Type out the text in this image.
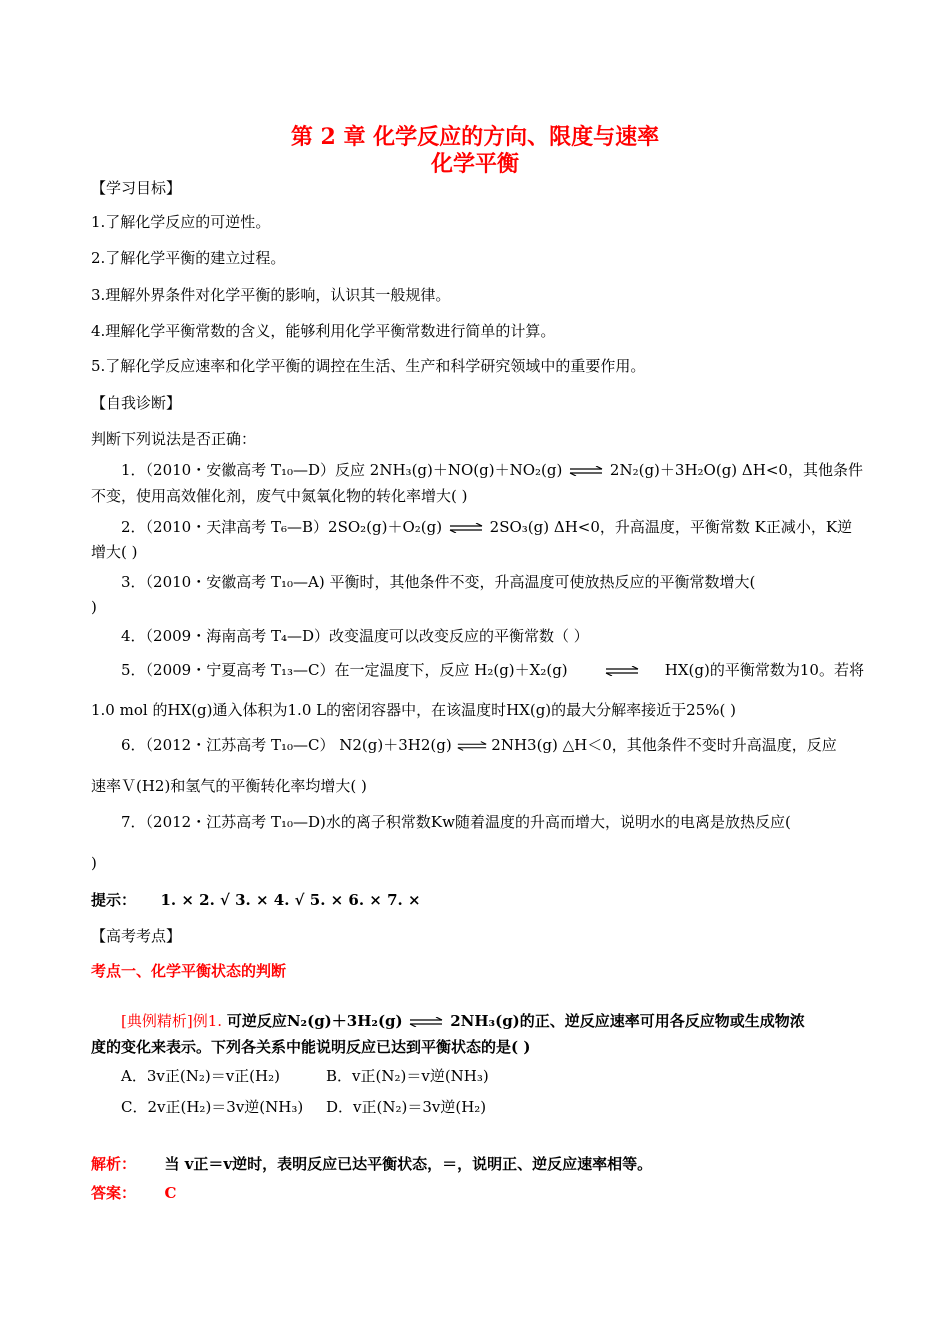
第 2 章 化学反应的方向、限度与速率
化学平衡
【学习目标】
1.了解化学反应的可逆性。
2.了解化学平衡的建立过程。
3.理解外界条件对化学平衡的影响，认识其一般规律。
4.理解化学平衡常数的含义，能够利用化学平衡常数进行简单的计算。
5.了解化学反应速率和化学平衡的调控在生活、生产和科学研究领域中的重要作用。
【自我诊断】
判断下列说法是否正确：
1．（2010・安徽高考 T₁₀—D）反应 2NH₃(g)＋NO(g)＋NO₂(g) ⇌ 2N₂(g)＋3H₂O(g) ΔH<0，其他条件
不变，使用高效催化剂，废气中氮氧化物的转化率增大( )
2．（2010・天津高考 T₆—B）2SO₂(g)＋O₂(g) ⇌ 2SO₃(g) ΔH<0，升高温度，平衡常数 K正减小，K逆
增大( )
3．（2010・安徽高考 T₁₀—A) 平衡时，其他条件不变，升高温度可使放热反应的平衡常数增大(
)
4．（2009・海南高考 T₄—D）改变温度可以改变反应的平衡常数（ ）
5．（2009・宁夏高考 T₁₃—C）在一定温度下，反应 H₂(g)＋X₂(g)	HX(g)的平衡常数为10。若将
1.0 mol 的HX(g)通入体积为1.0 L的密闭容器中，在该温度时HX(g)的最大分解率接近于25%( )
6．（2012・江苏高考 T₁₀—C） N2(g)＋3H2(g) ⇌ 2NH3(g) △H＜0，其他条件不变时升高温度，反应
速率Ｖ(H2)和氢气的平衡转化率均增大( )
7．（2012・江苏高考 T₁₀—D)水的离子积常数Kw随着温度的升高而增大，说明水的电离是放热反应(
)
提示： 1. × 2. √ 3. × 4. √ 5. × 6. × 7. ×
【高考考点】
考点一、化学平衡状态的判断
[典例精析]例1. 可逆反应N₂(g)＋3H₂(g) ⇌ 2NH₃(g)的正、逆反应速率可用各反应物或生成物浓
度的变化来表示。下列各关系中能说明反应已达到平衡状态的是( )
A．3v正(N₂)＝v正(H₂)	B．v正(N₂)＝v逆(NH₃)
C．2v正(H₂)＝3v逆(NH₃) D．v正(N₂)＝3v逆(H₂)
解析： 当 v正＝v逆时，表明反应已达平衡状态，＝，说明正、逆反应速率相等。
答案： C
